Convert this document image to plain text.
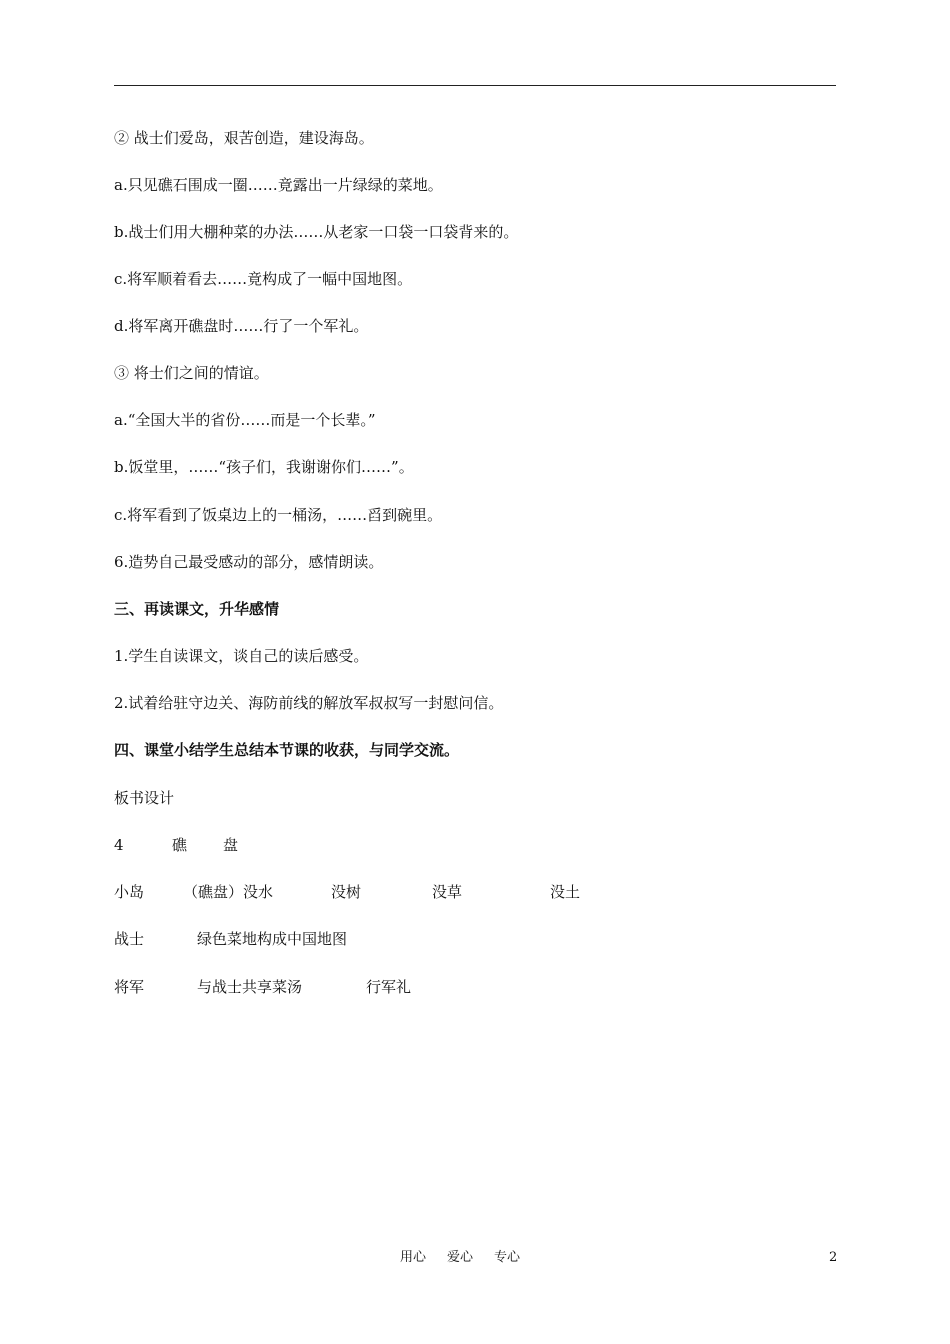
② 战士们爱岛，艰苦创造，建设海岛。
a.只见礁石围成一圈……竟露出一片绿绿的菜地。
b.战士们用大棚种菜的办法……从老家一口袋一口袋背来的。
c.将军顺着看去……竟构成了一幅中国地图。
d.将军离开礁盘时……行了一个军礼。
③ 将士们之间的情谊。
a.“全国大半的省份……而是一个长辈。”
b.饭堂里，……“孩子们，我谢谢你们……”。
c.将军看到了饭桌边上的一桶汤，……舀到碗里。
6.造势自己最受感动的部分，感情朗读。
三、再读课文，升华感情
1.学生自读课文，谈自己的读后感受。
2.试着给驻守边关、海防前线的解放军叔叔写一封慰问信。
四、课堂小结学生总结本节课的收获，与同学交流。
板书设计
4	礁 盘
小岛	（礁盘）没水	没树	没草	没土
战士	绿色菜地构成中国地图
将军	与战士共享菜汤	行军礼
用心 爱心 专心	2
